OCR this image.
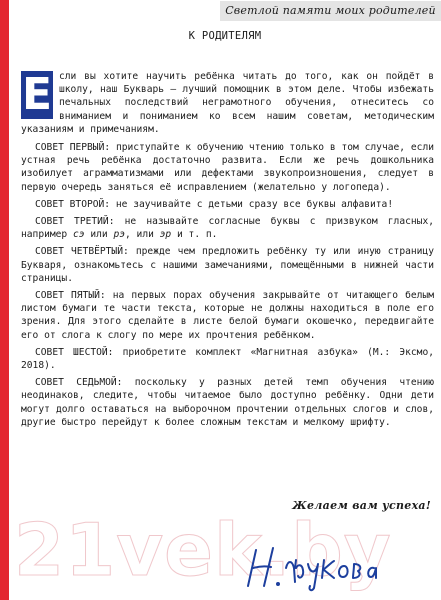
Светлой памяти моих родителей
К РОДИТЕЛЯМ

Е сли вы хотите научить ребёнка читать до того, как он пойдёт в школу, наш Букварь — лучший помощник в этом деле. Чтобы избежать печальных последствий неграмотного обучения, отнеситесь со вниманием и пониманием ко всем нашим советам, методическим указаниям и примечаниям.

СОВЕТ ПЕРВЫЙ: приступайте к обучению чтению только в том случае, если устная речь ребёнка достаточно развита. Если же речь дошкольника изобилует аграмматизмами или дефектами звукопроизношения, следует в первую очередь заняться её исправлением (желательно у логопеда).

СОВЕТ ВТОРОЙ: не заучивайте с детьми сразу все буквы алфавита!

СОВЕТ ТРЕТИЙ: не называйте согласные буквы с призвуком гласных, например сэ или рэ, или эр и т. п.

СОВЕТ ЧЕТВЁРТЫЙ: прежде чем предложить ребёнку ту или иную страницу Букваря, ознакомьтесь с нашими замечаниями, помещёнными в нижней части страницы.

СОВЕТ ПЯТЫЙ: на первых порах обучения закрывайте от читающего белым листом бумаги те части текста, которые не должны находиться в поле его зрения. Для этого сделайте в листе белой бумаги окошечко, передвигайте его от слога к слогу по мере их прочтения ребёнком.

СОВЕТ ШЕСТОЙ: приобретите комплект «Магнитная азбука» (М.: Эксмо, 2018).

СОВЕТ СЕДЬМОЙ: поскольку у разных детей темп обучения чтению неодинаков, следите, чтобы читаемое было доступно ребёнку. Одни дети могут долго оставаться на выборочном прочтении отдельных слогов и слов, другие быстро перейдут к более сложным текстам и мелкому шрифту.

Желаем вам успеха!
21vek.by
